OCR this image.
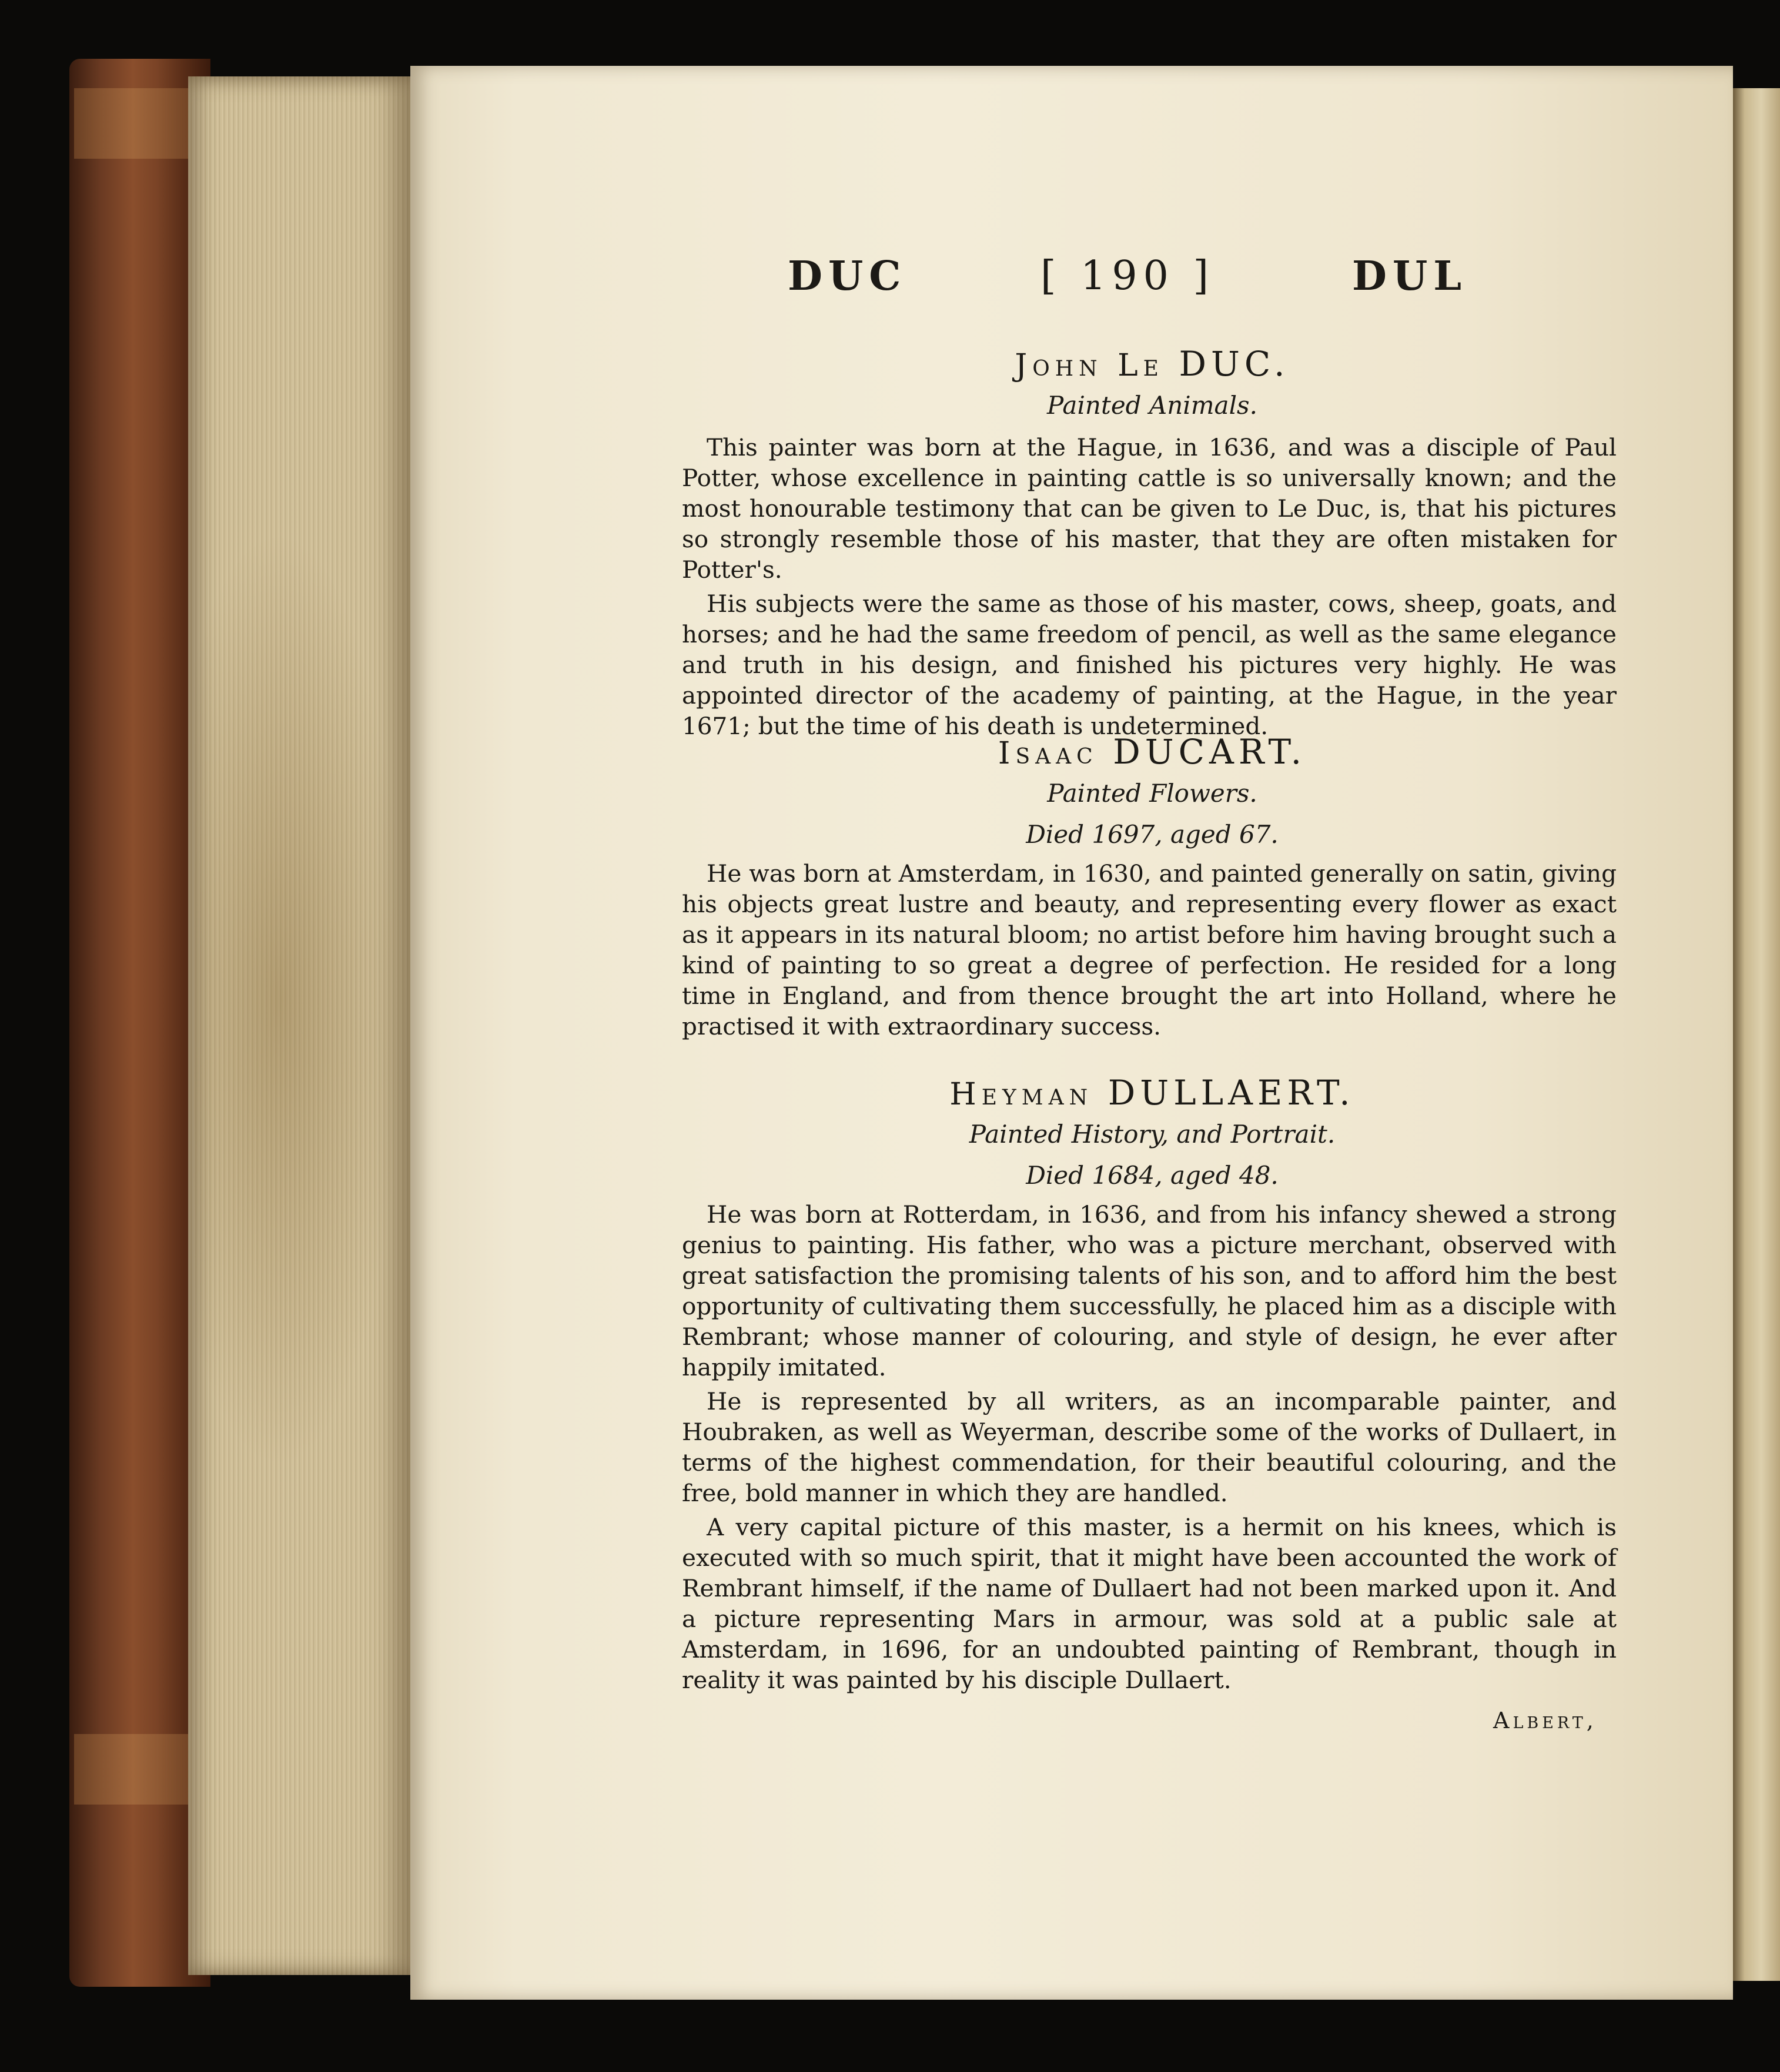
DUC	[ 190 ]	DUL
John Le DUC.
Painted Animals.

This painter was born at the Hague, in 1636, and was a disciple of Paul Potter, whose excellence in painting cattle is so universally known; and the most honourable testimony that can be given to Le Duc, is, that his pictures so strongly resemble those of his master, that they are often mistaken for Potter's.

His subjects were the same as those of his master, cows, sheep, goats, and horses; and he had the same freedom of pencil, as well as the same elegance and truth in his design, and finished his pictures very highly. He was appointed director of the academy of painting, at the Hague, in the year 1671; but the time of his death is undetermined.

Isaac DUCART.
Painted Flowers.
Died 1697, aged 67.

He was born at Amsterdam, in 1630, and painted generally on satin, giving his objects great lustre and beauty, and representing every flower as exact as it appears in its natural bloom; no artist before him having brought such a kind of painting to so great a degree of perfection. He resided for a long time in England, and from thence brought the art into Holland, where he practised it with extraordinary success.

Heyman DULLAERT.
Painted History, and Portrait.
Died 1684, aged 48.

He was born at Rotterdam, in 1636, and from his infancy shewed a strong genius to painting. His father, who was a picture merchant, observed with great satisfaction the promising talents of his son, and to afford him the best opportunity of cultivating them successfully, he placed him as a disciple with Rembrant; whose manner of colouring, and style of design, he ever after happily imitated.

He is represented by all writers, as an incomparable painter, and Houbraken, as well as Weyerman, describe some of the works of Dullaert, in terms of the highest commendation, for their beautiful colouring, and the free, bold manner in which they are handled.

A very capital picture of this master, is a hermit on his knees, which is executed with so much spirit, that it might have been accounted the work of Rembrant himself, if the name of Dullaert had not been marked upon it. And a picture representing Mars in armour, was sold at a public sale at Amsterdam, in 1696, for an undoubted painting of Rembrant, though in reality it was painted by his disciple Dullaert.

Albert,
